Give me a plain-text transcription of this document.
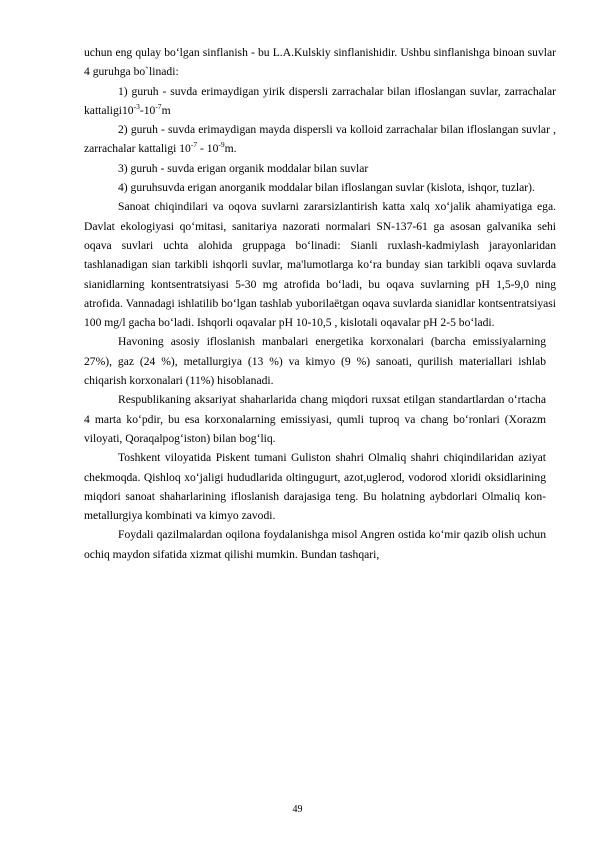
uchun eng qulay bo‘lgan sinflanish - bu L.A.Kulskiy sinflanishidir. Ushbu sinflanishga binoan suvlar 4 guruhga bo`linadi:

1) guruh - suvda erimaydigan yirik dispersli zarrachalar bilan ifloslangan suvlar, zarrachalar $kattaligi10^{-3}-10^{-7}m$

2) guruh - suvda erimaydigan mayda dispersli va kolloid zarrachalar bilan ifloslangan suvlar , zarrachalar kattaligi $10^{-7} - 10^{-9}m$.

3) guruh - suvda erigan organik moddalar bilan suvlar

4) guruhsuvda erigan anorganik moddalar bilan ifloslangan suvlar (kislota, ishqor, tuzlar).

Sanoat chiqindilari va oqova suvlarni zararsizlantirish katta xalq xo‘jalik ahamiyatiga ega. Davlat ekologiyasi qo‘mitasi, sanitariya nazorati normalari SN-137-61 ga asosan galvanika sehi oqava suvlari uchta alohida gruppaga bo‘linadi: Sianli ruxlash-kadmiylash jarayonlaridan tashlanadigan sian tarkibli ishqorli suvlar, ma'lumotlarga ko‘ra bunday sian tarkibli oqava suvlarda sianidlarning kontsentratsiyasi 5-30 mg atrofida bo‘ladi, bu oqava suvlarning pH 1,5-9,0 ning atrofida. Vannadagi ishlatilib bo‘lgan tashlab yuborilaёtgan oqava suvlarda sianidlar kontsentratsiyasi 100 mg/l gacha bo‘ladi. Ishqorli oqavalar pH 10-10,5 , kislotali oqavalar pH 2-5 bo‘ladi.

Havoning asosiy ifloslanish manbalari energetika korxonalari (barcha emissiyalarning 27%), gaz (24 %), metallurgiya (13 %) va kimyo (9 %) sanoati, qurilish materiallari ishlab chiqarish korxonalari (11%) hisoblanadi.

Respublikaning aksariyat shaharlarida chang miqdori ruxsat etilgan standartlardan o‘rtacha 4 marta ko‘pdir, bu esa korxonalarning emissiyasi, qumli tuproq va chang bo‘ronlari (Xorazm viloyati, Qoraqalpog‘iston) bilan bog‘liq.

Toshkent viloyatida Piskent tumani Guliston shahri Olmaliq shahri chiqindilaridan aziyat chekmoqda. Qishloq xo‘jaligi hududlarida oltingugurt, azot,uglerod, vodorod xloridi oksidlarining miqdori sanoat shaharlarining ifloslanish darajasiga teng. Bu holatning aybdorlari Olmaliq kon-metallurgiya kombinati va kimyo zavodi.

Foydali qazilmalardan oqilona foydalanishga misol Angren ostida ko‘mir qazib olish uchun ochiq maydon sifatida xizmat qilishi mumkin. Bundan tashqari,

49
